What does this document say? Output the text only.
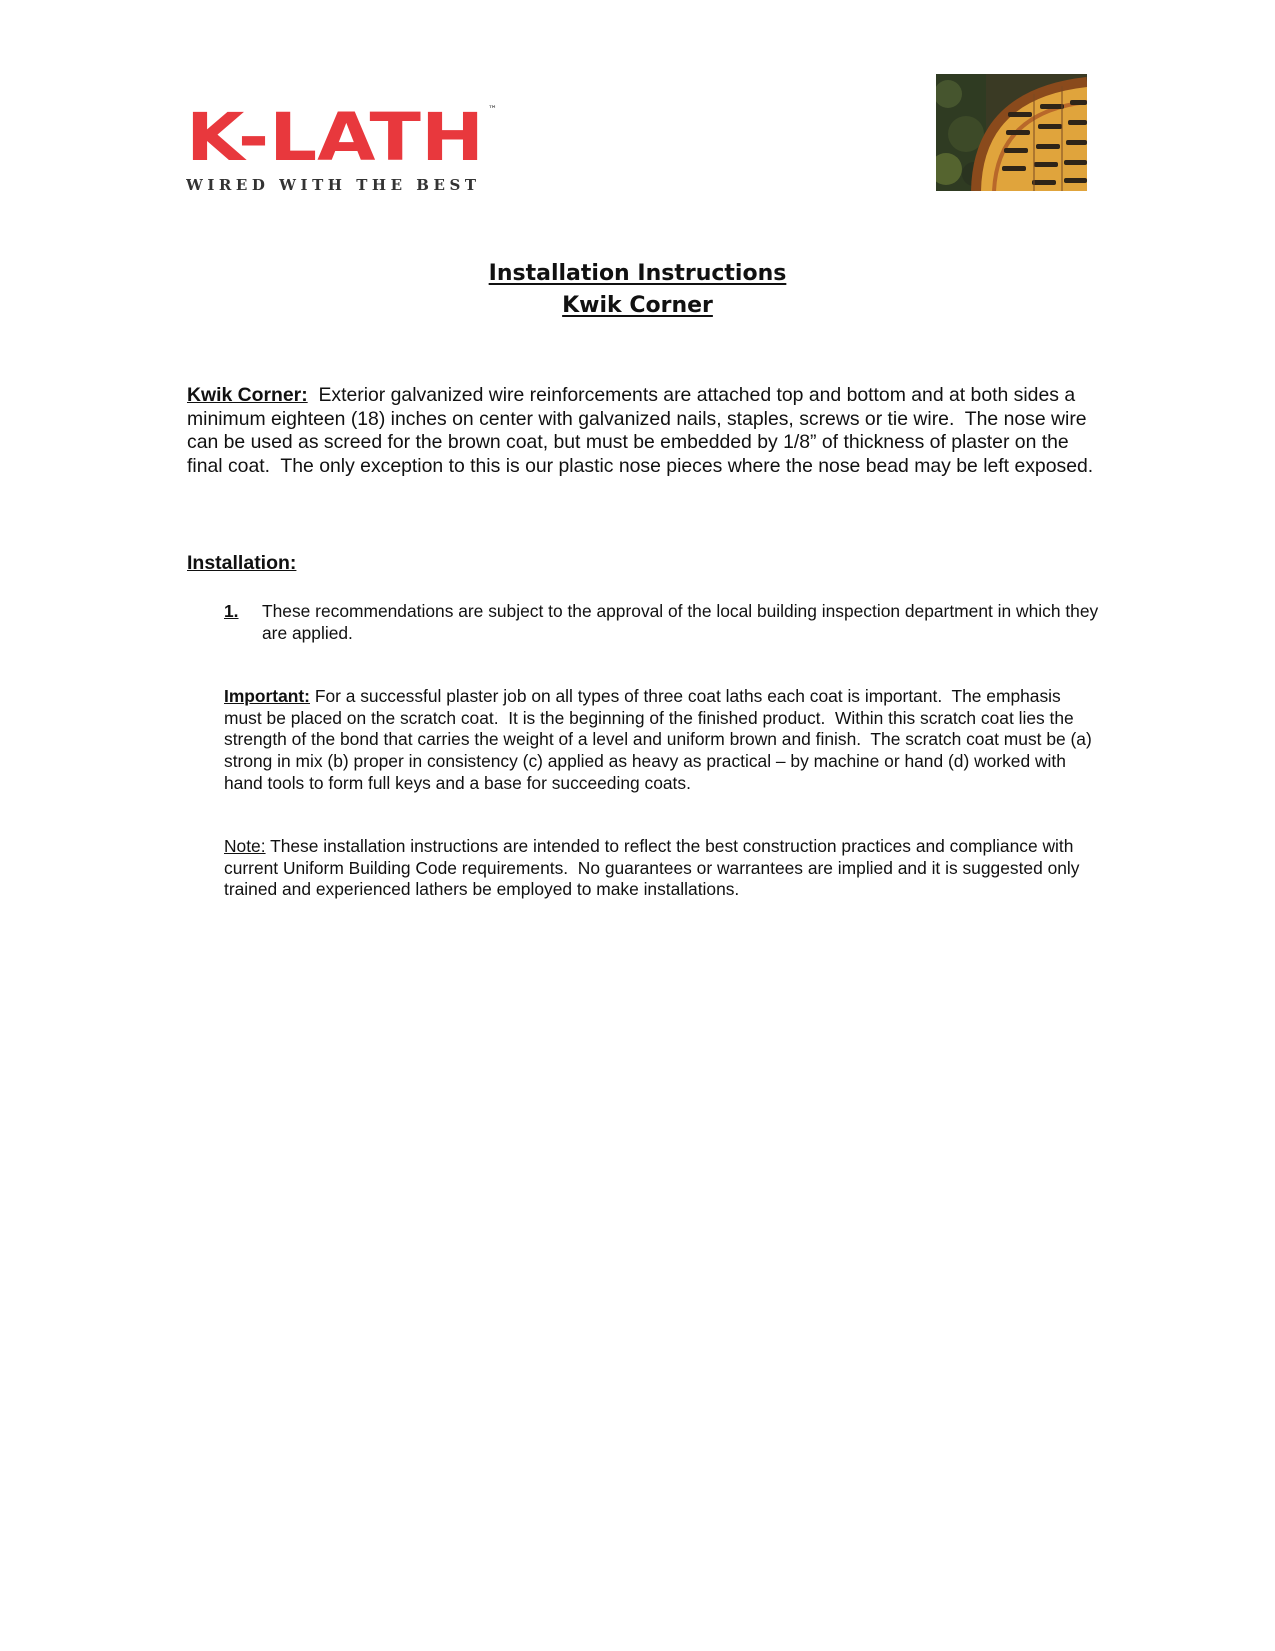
K-LATH ™
WIRED WITH THE BEST
Installation Instructions
Kwik Corner

Kwik Corner:  Exterior galvanized wire reinforcements are attached top and bottom and at both sides a minimum eighteen (18) inches on center with galvanized nails, staples, screws or tie wire.  The nose wire can be used as screed for the brown coat, but must be embedded by 1/8” of thickness of plaster on the final coat.  The only exception to this is our plastic nose pieces where the nose bead may be left exposed.

Installation:
1. These recommendations are subject to the approval of the local building inspection department in which they are applied.

Important: For a successful plaster job on all types of three coat laths each coat is important.  The emphasis must be placed on the scratch coat.  It is the beginning of the finished product.  Within this scratch coat lies the strength of the bond that carries the weight of a level and uniform brown and finish.  The scratch coat must be (a) strong in mix (b) proper in consistency (c) applied as heavy as practical – by machine or hand (d) worked with hand tools to form full keys and a base for succeeding coats.

Note: These installation instructions are intended to reflect the best construction practices and compliance with current Uniform Building Code requirements.  No guarantees or warrantees are implied and it is suggested only trained and experienced lathers be employed to make installations.
